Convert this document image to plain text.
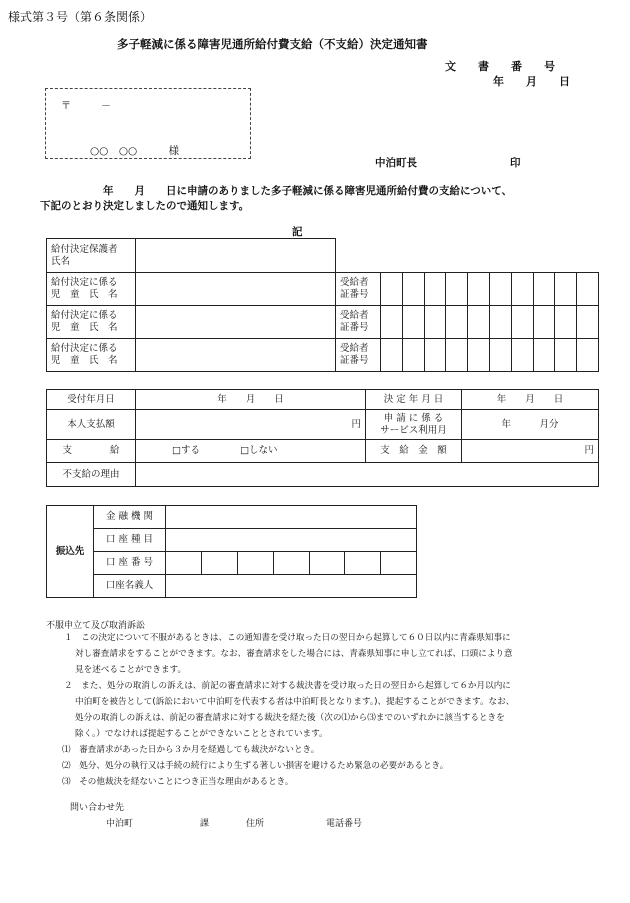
様式第３号（第６条関係）
多子軽減に係る障害児通所給付費支給（不支給）決定通知書
文　　書　　番　　号
年　　月　　日
〒　　　－
○○　○○　　　様
中泊町長	印
年　　月　　日に申請のありました多子軽減に係る障害児通所給付費の支給について、
下記のとおり決定しましたので通知します。
記
給付決定保護者
氏名												
給付決定に係る
児　童　氏　名		受給者
証番号										
給付決定に係る
児　童　氏　名		受給者
証番号										
給付決定に係る
児　童　氏　名		受給者
証番号										
受付年月日	年　　月　　日	決 定 年 月 日	年　　月　　日
本人支払額	円	申 請 に 係 る
サービス利用月	年　　　月分
支　　　　給	□する □しない	支　給　金　額	円
不支給の理由			
振込先	金 融 機 関							
	口 座 種 目							
	口 座 番 号							
	口座名義人							
不服申立て及び取消訴訟
１　この決定について不服があるときは、この通知書を受け取った日の翌日から起算して６０日以内に青森県知事に
対し審査請求をすることができます。なお、審査請求をした場合には、青森県知事に申し立てれば、口頭により意
見を述べることができます。
２　また、処分の取消しの訴えは、前記の審査請求に対する裁決書を受け取った日の翌日から起算して６か月以内に
中泊町を被告として(訴訟において中泊町を代表する者は中泊町長となります。)、提起することができます。なお、
処分の取消しの訴えは、前記の審査請求に対する裁決を経た後（次の⑴から⑶までのいずれかに該当するときを
除く。）でなければ提起することができないこととされています。
⑴　審査請求があった日から３か月を経過しても裁決がないとき。
⑵　処分、処分の執行又は手続の続行により生ずる著しい損害を避けるため緊急の必要があるとき。
⑶　その他裁決を経ないことにつき正当な理由があるとき。
問い合わせ先
中泊町	課	住所	電話番号
